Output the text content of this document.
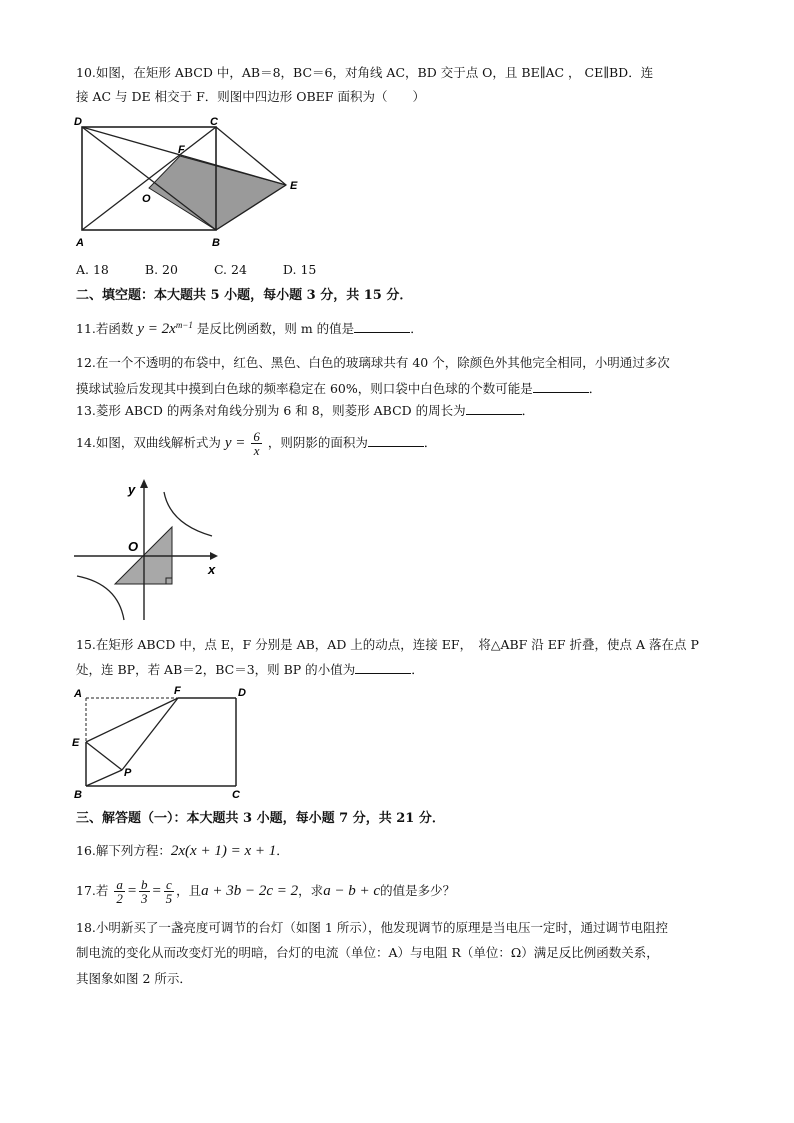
10.如图，在矩形 ABCD 中，AB＝8，BC＝6，对角线 AC，BD 交于点 O，且 BE∥AC ， CE∥BD．连
接 AC 与 DE 相交于 F．则图中四边形 OBEF 面积为（　　）
D	C
F
O
E
A	B
A. 18	B. 20	C. 24	D. 15
二、填空题：本大题共 5 小题，每小题 3 分，共 15 分．
11.若函数 $y = 2x^{m-1}$ 是反比例函数，则 m 的值是	．
12.在一个不透明的布袋中，红色、黑色、白色的玻璃球共有 40 个，除颜色外其他完全相同，小明通过多次
摸球试验后发现其中摸到白色球的频率稳定在 60%，则口袋中白色球的个数可能是	．
13.菱形 ABCD 的两条对角线分别为 6 和 8，则菱形 ABCD 的周长为	．
14.如图，双曲线解析式为 $y = \frac{6}{x}$ ，则阴影的面积为	．
y
O
x
15.在矩形 ABCD 中，点 E，F 分别是 AB，AD 上的动点，连接 EF，　将△ABF 沿 EF 折叠，使点 A 落在点 P
处，连 BP，若 AB＝2，BC＝3，则 BP 的小值为	．
A	F	D
E
P
B	C
三、解答题（一）：本大题共 3 小题，每小题 7 分，共 21 分．
16.解下列方程：2x(x + 1) = x + 1．
17.若 $\frac{a}{2} = \frac{b}{3} = \frac{c}{5}$ ，且a + 3b − 2c = 2，求a − b + c的值是多少？
18.小明新买了一盏亮度可调节的台灯（如图 1 所示），他发现调节的原理是当电压一定时，通过调节电阻控
制电流的变化从而改变灯光的明暗，台灯的电流（单位：A）与电阻 R（单位：Ω）满足反比例函数关系，
其图象如图 2 所示．
